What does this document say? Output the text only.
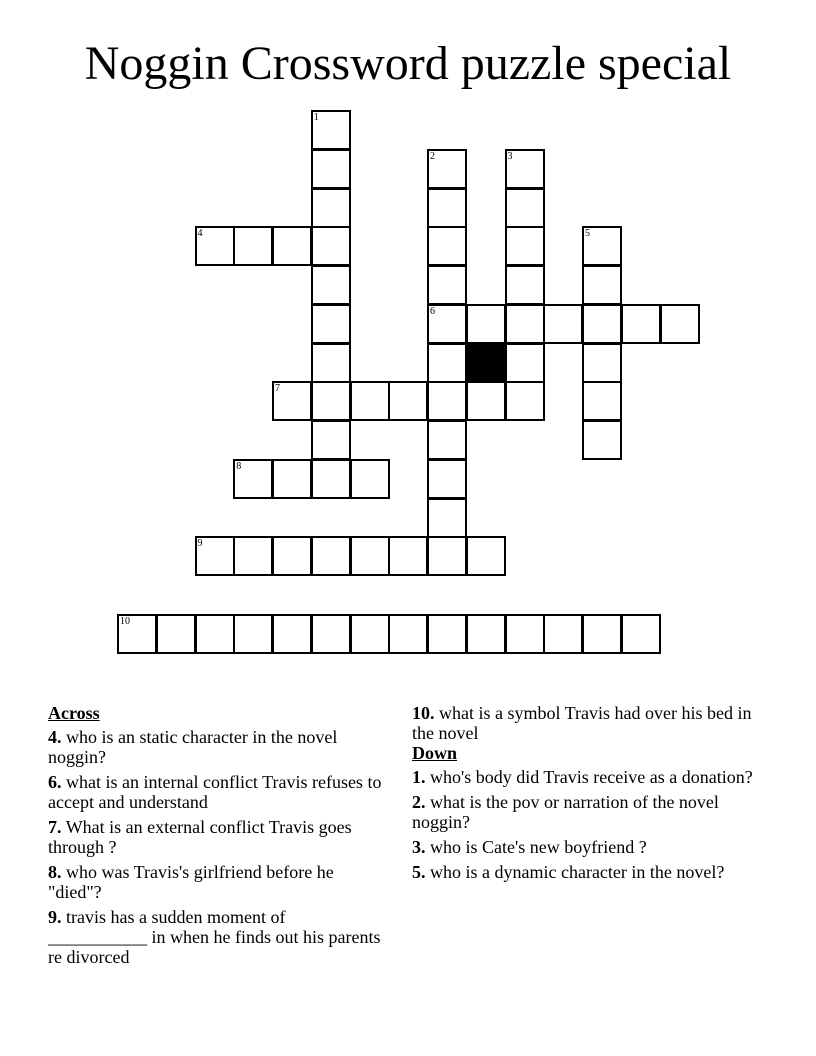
Noggin Crossword puzzle special
1
2
6
3
5
4
7
8
9
10
Across
4. who is an static character in the novel noggin?
6. what is an internal conflict Travis refuses to accept and understand
7. What is an external conflict Travis goes through ?
8. who was Travis's girlfriend before he "died"?
9. travis has a sudden moment of ___________ in when he finds out his parents re divorced
10. what is a symbol Travis had over his bed in the novel
Down
1. who's body did Travis receive as a donation?
2. what is the pov or narration of the novel noggin?
3. who is Cate's new boyfriend ?
5. who is a dynamic character in the novel?
